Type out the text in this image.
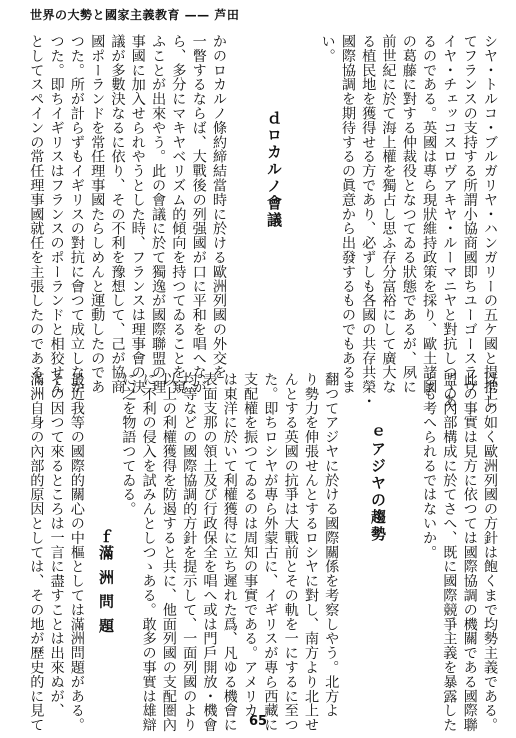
世界の大勢と國家主義教育 —— 芦田

シヤ・トルコ・ブルガリヤ・ハンガリーの五ケ國と提携し

てフランスの支持する所謂小協商國即ちユーゴースラヴ

イヤ・チェッコスロヴアキヤ・ルーマニヤと對抗しつゝあ

るのである。英國は專ら現狀維持政策を採り、歐土諸國

の葛藤に對する仲裁役となつてゐる狀態であるが、夙に

前世紀に於て海上權を獨占し思ふ存分富裕にして廣大な

る植民地を獲得せる方であり、必ずしも各國の共存共榮・

國際協調を期待するの眞意から出發するものでもあるま

い。

ｄロカルノ會議

かのロカルノ條約締結當時に於ける歐洲列國の外交を

一瞥するならば、大戰後の列强國が口に平和を唱へなが

ら、多分にマキヤベリズム的傾向を持つてゐることを窺

ふことが出來やう。此の會議に於て獨逸が國際聯盟の理

事國に加入せられやうとした時、フランスは理事會の決

議が多數決なるに依り、その不利を豫想して、己が協商

國ポーランドを常任理事國たらしめんと運動したのであ

つた。所が計らずもイギリスの對抗に會つて成立しなか

つた。即ちイギリスはフランスのポーランドと相狡せん

としてスペインの常任理事國就任を主張したのである。

以上の如く歐洲列國の方針は飽くまで均勢主義である。

此の事實は見方に依つては國際協調の機關である國際聯

盟の內部構成に於てさへ、既に國際競爭主義を暴露した

とも考へられるではないか。

ｅアジヤの趨勢

翻つてアジヤに於ける國際關係を考察しやう。北方よ

り勢力を伸張せんとするロシヤに對し、南方より北上せ

んとする英國の抗爭は大戰前とその軌を一にするに至つ

た。即ちロシヤが專ら外蒙古に、イギリスが專ら西藏に

支配權を振つてゐるのは周知の事實である。アメリカ

は東洋に於いて利權獲得に立ち遲れた爲、凡ゆる機會に

表面支那の領土及び行政保全を唱へ或は門戶開放・機會

均等などの國際協調的方針を提示して、一面列國のより

以上の利權獲得を防遏すると共に、他面列國の支配圏內

に不利の侵入を試みんとしつゝある。敢多の事實は雄辯

に之を物語つてゐる。

ｆ滿 洲 問 題

最近我等の國際的關心の中樞としては滿洲問題がある。

その因つて來るところは一言に盡すことは出來ぬが、

滿洲自身の內部的原因としては、その地が歷史的に見て	65
